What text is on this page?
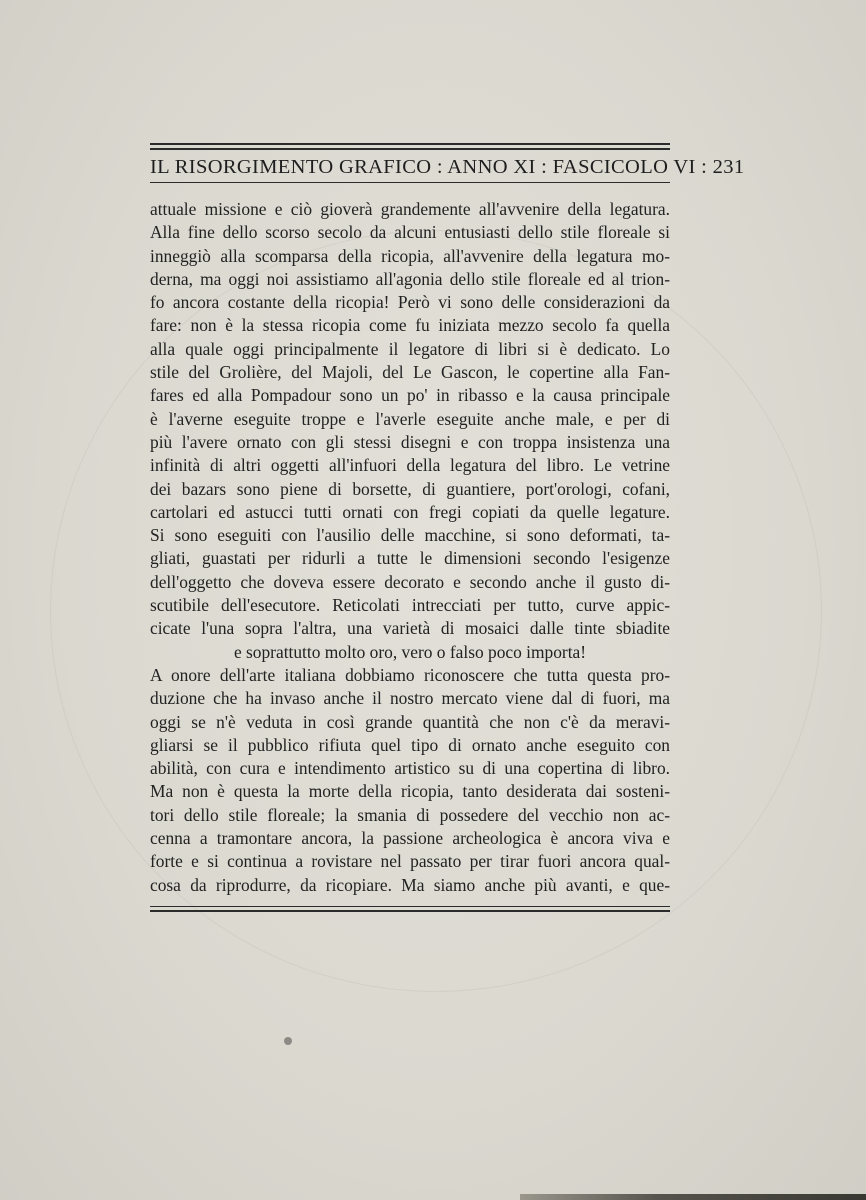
IL RISORGIMENTO GRAFICO : ANNO XI : FASCICOLO VI : 231
attuale missione e ciò gioverà grandemente all'avvenire della legatura.
Alla fine dello scorso secolo da alcuni entusiasti dello stile floreale si
inneggiò alla scomparsa della ricopia, all'avvenire della legatura mo-
derna, ma oggi noi assistiamo all'agonia dello stile floreale ed al trion-
fo ancora costante della ricopia! Però vi sono delle considerazioni da
fare: non è la stessa ricopia come fu iniziata mezzo secolo fa quella
alla quale oggi principalmente il legatore di libri si è dedicato. Lo
stile del Grolière, del Majoli, del Le Gascon, le copertine alla Fan-
fares ed alla Pompadour sono un po' in ribasso e la causa principale
è l'averne eseguite troppe e l'averle eseguite anche male, e per di
più l'avere ornato con gli stessi disegni e con troppa insistenza una
infinità di altri oggetti all'infuori della legatura del libro. Le vetrine
dei bazars sono piene di borsette, di guantiere, port'orologi, cofani,
cartolari ed astucci tutti ornati con fregi copiati da quelle legature.
Si sono eseguiti con l'ausilio delle macchine, si sono deformati, ta-
gliati, guastati per ridurli a tutte le dimensioni secondo l'esigenze
dell'oggetto che doveva essere decorato e secondo anche il gusto di-
scutibile dell'esecutore. Reticolati intrecciati per tutto, curve appic-
cicate l'una sopra l'altra, una varietà di mosaici dalle tinte sbiadite
e soprattutto molto oro, vero o falso poco importa!
A onore dell'arte italiana dobbiamo riconoscere che tutta questa pro-
duzione che ha invaso anche il nostro mercato viene dal di fuori, ma
oggi se n'è veduta in così grande quantità che non c'è da meravi-
gliarsi se il pubblico rifiuta quel tipo di ornato anche eseguito con
abilità, con cura e intendimento artistico su di una copertina di libro.
Ma non è questa la morte della ricopia, tanto desiderata dai sosteni-
tori dello stile floreale; la smania di possedere del vecchio non ac-
cenna a tramontare ancora, la passione archeologica è ancora viva e
forte e si continua a rovistare nel passato per tirar fuori ancora qual-
cosa da riprodurre, da ricopiare. Ma siamo anche più avanti, e que-
